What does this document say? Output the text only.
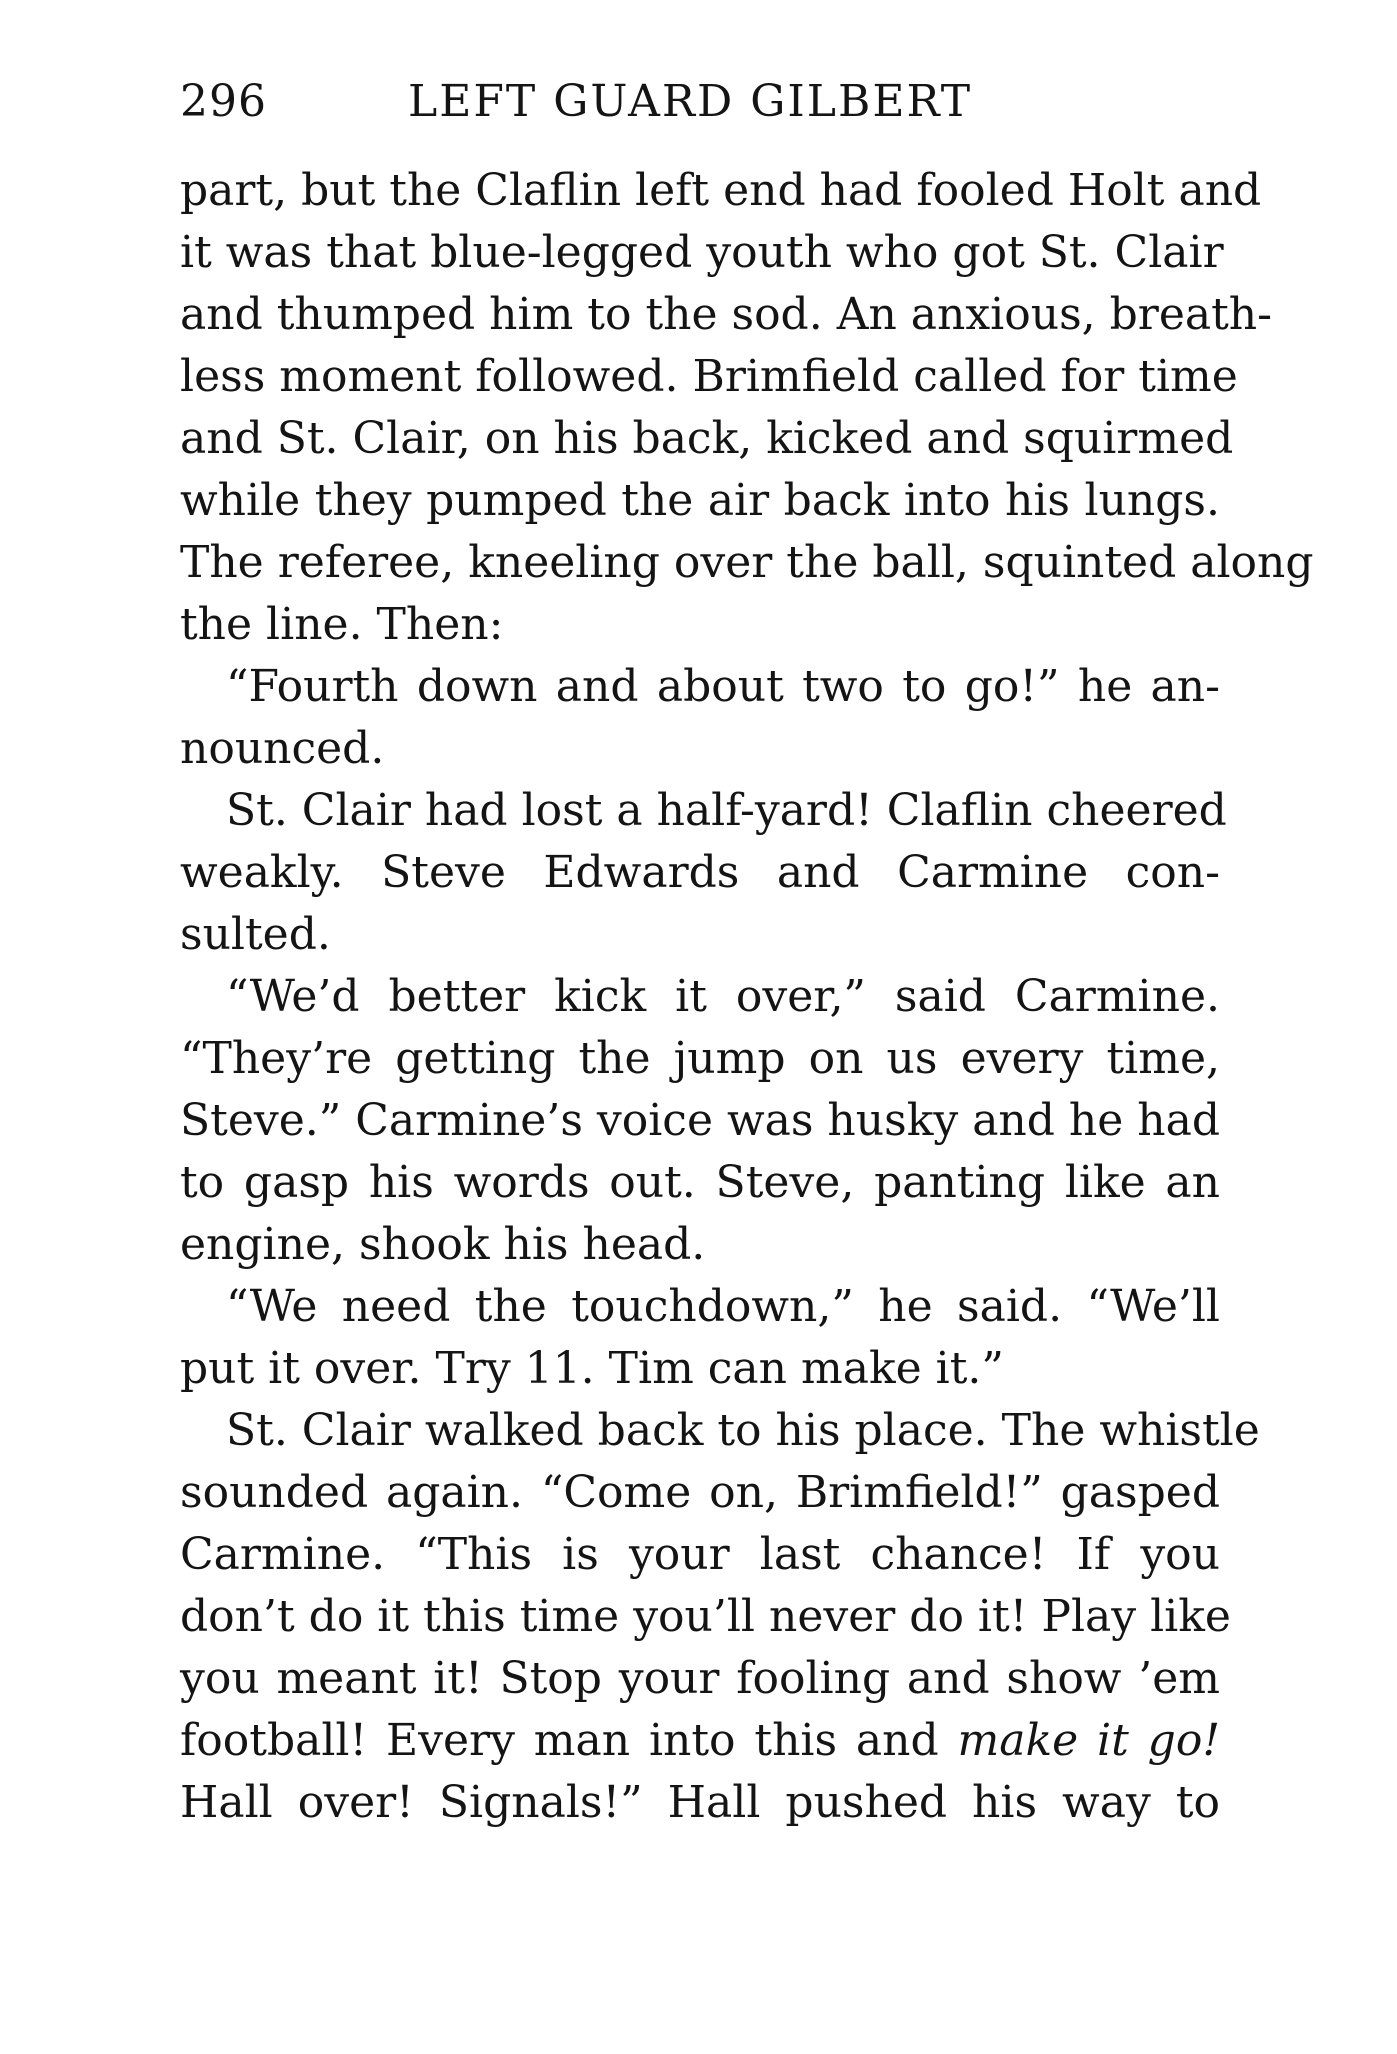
296	LEFT GUARD GILBERT
part, but the Claflin left end had fooled Holt and
it was that blue-legged youth who got St. Clair
and thumped him to the sod. An anxious, breath-
less moment followed. Brimfield called for time
and St. Clair, on his back, kicked and squirmed
while they pumped the air back into his lungs.
The referee, kneeling over the ball, squinted along
the line. Then:
“Fourth down and about two to go!” he an-
nounced.
St. Clair had lost a half-yard! Claflin cheered
weakly. Steve Edwards and Carmine con-
sulted.
“We’d better kick it over,” said Carmine.
“They’re getting the jump on us every time,
Steve.” Carmine’s voice was husky and he had
to gasp his words out. Steve, panting like an
engine, shook his head.
“We need the touchdown,” he said. “We’ll
put it over. Try 11. Tim can make it.”
St. Clair walked back to his place. The whistle
sounded again. “Come on, Brimfield!” gasped
Carmine. “This is your last chance! If you
don’t do it this time you’ll never do it! Play like
you meant it! Stop your fooling and show ’em
football! Every man into this and make it go!
Hall over! Signals!” Hall pushed his way to
